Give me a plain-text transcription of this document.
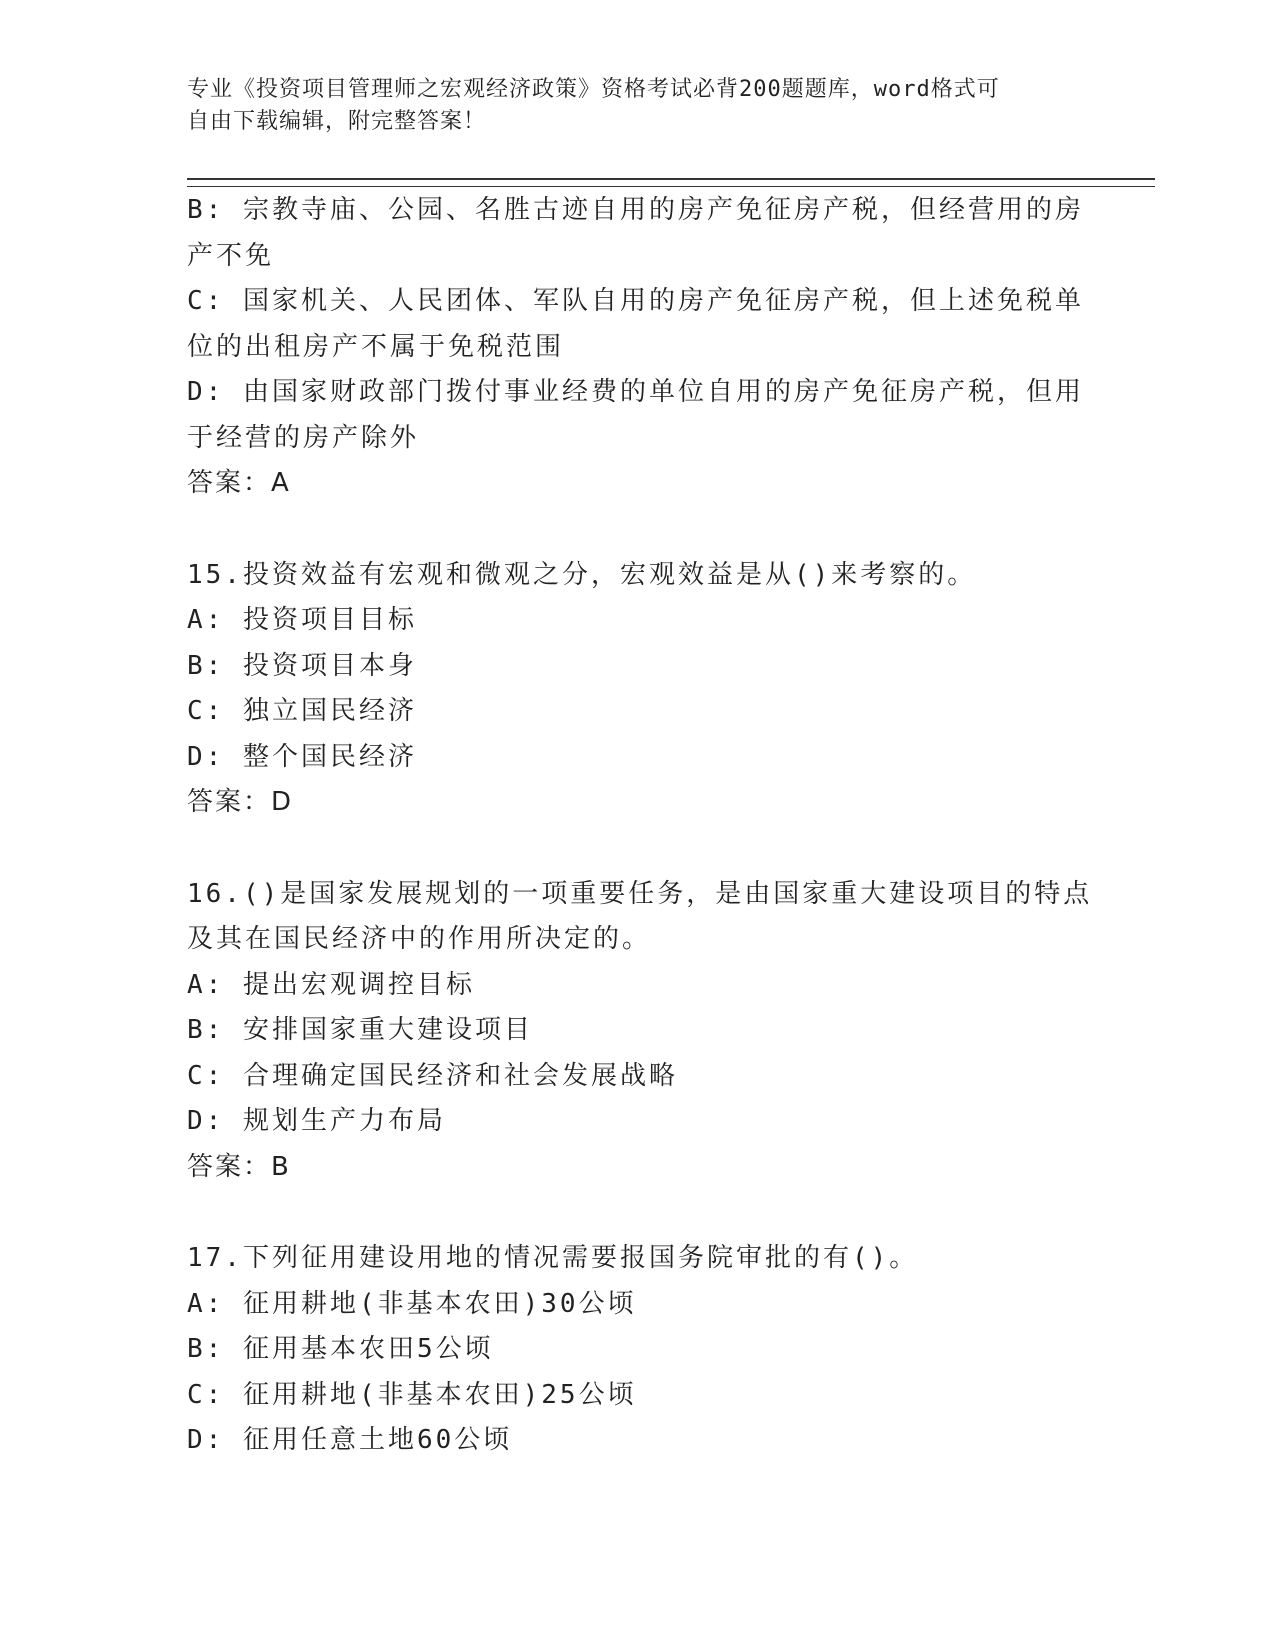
专业《投资项目管理师之宏观经济政策》资格考试必背200题题库，word格式可
自由下载编辑，附完整答案！
B: 宗教寺庙、公园、名胜古迹自用的房产免征房产税，但经营用的房
产不免
C: 国家机关、人民团体、军队自用的房产免征房产税，但上述免税单
位的出租房产不属于免税范围
D: 由国家财政部门拨付事业经费的单位自用的房产免征房产税，但用
于经营的房产除外
答案：A
15.投资效益有宏观和微观之分，宏观效益是从()来考察的。
A: 投资项目目标
B: 投资项目本身
C: 独立国民经济
D: 整个国民经济
答案：D
16.()是国家发展规划的一项重要任务，是由国家重大建设项目的特点
及其在国民经济中的作用所决定的。
A: 提出宏观调控目标
B: 安排国家重大建设项目
C: 合理确定国民经济和社会发展战略
D: 规划生产力布局
答案：B
17.下列征用建设用地的情况需要报国务院审批的有()。
A: 征用耕地(非基本农田)30公顷
B: 征用基本农田5公顷
C: 征用耕地(非基本农田)25公顷
D: 征用任意土地60公顷
